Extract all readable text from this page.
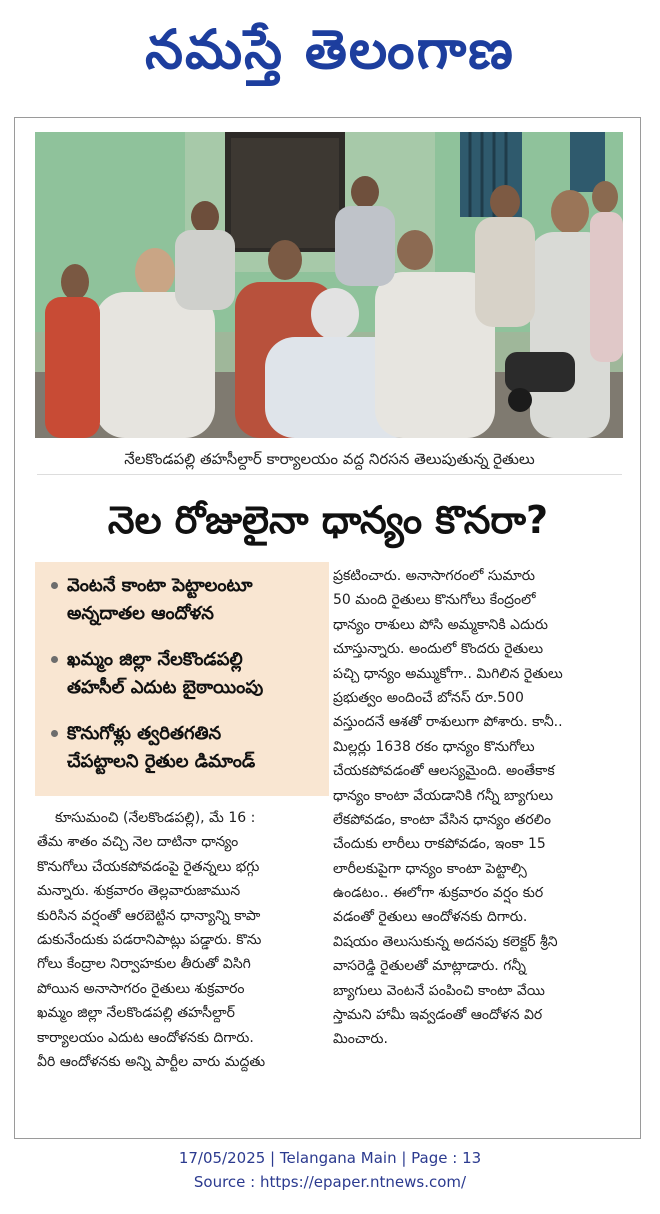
నమస్తే తెలంగాణ
నేలకొండపల్లి తహసీల్దార్ కార్యాలయం వద్ద నిరసన తెలుపుతున్న రైతులు
నెల రోజులైనా ధాన్యం కొనరా?
వెంటనే కాంటా పెట్టాలంటూ
అన్నదాతల ఆందోళన
ఖమ్మం జిల్లా నేలకొండపల్లి
తహసీల్ ఎదుట బైఠాయింపు
కొనుగోళ్లు త్వరితగతిన
చేపట్టాలని రైతుల డిమాండ్
కూసుమంచి (నేలకొండపల్లి), మే 16 :
తేమ శాతం వచ్చి నెల దాటినా ధాన్యం
కొనుగోలు చేయకపోవడంపై రైతన్నలు భగ్గు
మన్నారు. శుక్రవారం తెల్లవారుజామున
కురిసిన వర్షంతో ఆరబెట్టిన ధాన్యాన్ని కాపా
డుకునేందుకు పడరానిపాట్లు పడ్డారు. కొను
గోలు కేంద్రాల నిర్వాహకుల తీరుతో విసిగి
పోయిన అనాసాగరం రైతులు శుక్రవారం
ఖమ్మం జిల్లా నేలకొండపల్లి తహసీల్దార్
కార్యాలయం ఎదుట ఆందోళనకు దిగారు.
వీరి ఆందోళనకు అన్ని పార్టీల వారు మద్దతు
ప్రకటించారు. అనాసాగరంలో సుమారు
50 మంది రైతులు కొనుగోలు కేంద్రంలో
ధాన్యం రాశులు పోసి అమ్మకానికి ఎదురు
చూస్తున్నారు. అందులో కొందరు రైతులు
పచ్చి ధాన్యం అమ్ముకోగా.. మిగిలిన రైతులు
ప్రభుత్వం అందించే బోనస్ రూ.500
వస్తుందనే ఆశతో రాశులుగా పోశారు. కానీ..
మిల్లర్లు 1638 రకం ధాన్యం కొనుగోలు
చేయకపోవడంతో ఆలస్యమైంది. అంతేకాక
ధాన్యం కాంటా వేయడానికి గన్నీ బ్యాగులు
లేకపోవడం, కాంటా వేసిన ధాన్యం తరలిం
చేందుకు లారీలు రాకపోవడం, ఇంకా 15
లారీలకుపైగా ధాన్యం కాంటా పెట్టాల్సి
ఉండటం.. ఈలోగా శుక్రవారం వర్షం కుర
వడంతో రైతులు ఆందోళనకు దిగారు.
విషయం తెలుసుకున్న అదనపు కలెక్టర్ శ్రీని
వాసరెడ్డి రైతులతో మాట్లాడారు. గన్నీ
బ్యాగులు వెంటనే పంపించి కాంటా వేయి
స్తామని హామీ ఇవ్వడంతో ఆందోళన విర
మించారు.
17/05/2025 | Telangana Main | Page : 13
Source : https://epaper.ntnews.com/
